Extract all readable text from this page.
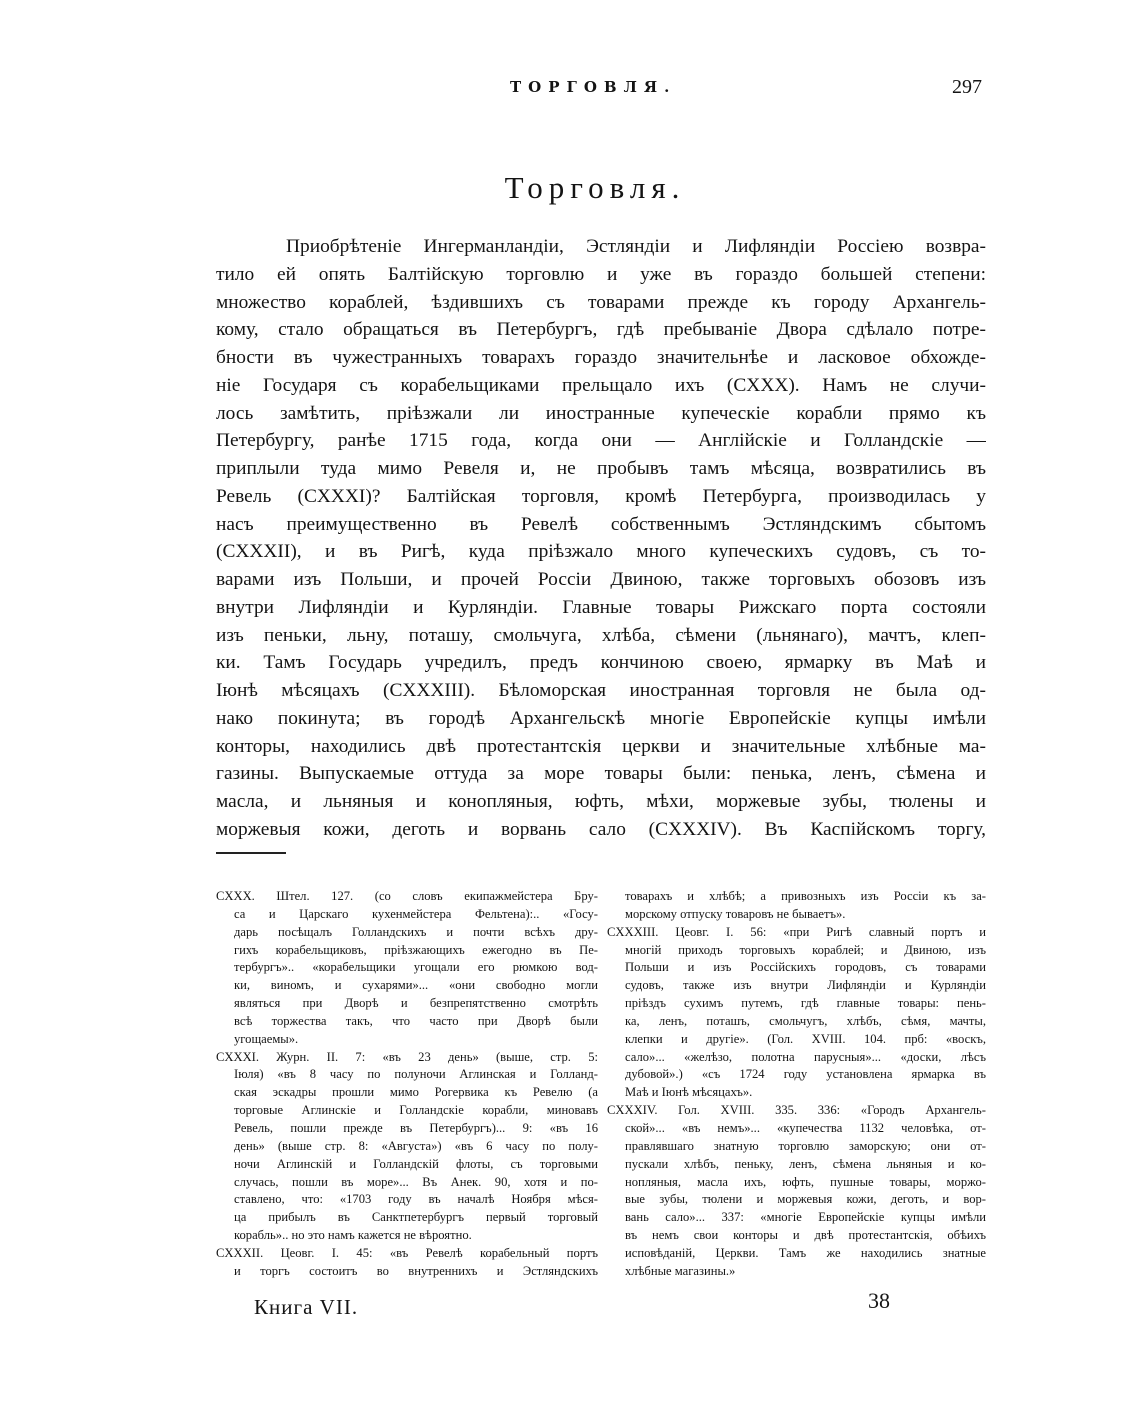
ТОРГОВЛЯ.	297
Торговля.
Приобрѣтеніе Ингерманландіи, Эстляндіи и Лифляндіи Россіею возвра-
тило ей опять Балтійскую торговлю и уже въ гораздо большей степени:
множество кораблей, ѣздившихъ съ товарами прежде къ городу Архангель-
кому, стало обращаться въ Петербургъ, гдѣ пребываніе Двора сдѣлало потре-
бности въ чужестранныхъ товарахъ гораздо значительнѣе и ласковое обхожде-
ніе Государя съ корабельщиками прельщало ихъ (CXXX). Намъ не случи-
лось замѣтить, пріѣзжали ли иностранные купеческіе корабли прямо къ
Петербургу, ранѣе 1715 года, когда они — Англійскіе и Голландскіе —
приплыли туда мимо Ревеля и, не пробывъ тамъ мѣсяца, возвратились въ
Ревель (CXXXI)? Балтійская торговля, кромѣ Петербурга, производилась у
насъ преимущественно въ Ревелѣ собственнымъ Эстляндскимъ сбытомъ
(CXXXII), и въ Ригѣ, куда пріѣзжало много купеческихъ судовъ, съ то-
варами изъ Польши, и прочей Россіи Двиною, также торговыхъ обозовъ изъ
внутри Лифляндіи и Курляндіи. Главные товары Рижскаго порта состояли
изъ пеньки, льну, поташу, смольчуга, хлѣба, сѣмени (льнянаго), мачтъ, клеп-
ки. Тамъ Государь учредилъ, предъ кончиною своею, ярмарку въ Маѣ и
Іюнѣ мѣсяцахъ (CXXXIII). Бѣломорская иностранная торговля не была од-
нако покинута; въ городѣ Архангельскѣ многіе Европейскіе купцы имѣли
конторы, находились двѣ протестантскія церкви и значительные хлѣбные ма-
газины. Выпускаемые оттуда за море товары были: пенька, ленъ, сѣмена и
масла, и льняныя и конопляныя, юфть, мѣхи, моржевые зубы, тюлены и
моржевыя кожи, деготь и ворвань сало (CXXXIV). Въ Каспійскомъ торгу,
CXXX. Штел. 127. (со словъ екипажмейстера Бру-
са и Царскаго кухенмейстера Фельтена):.. «Госу-
дарь посѣщалъ Голландскихъ и почти всѣхъ дру-
гихъ корабельщиковъ, пріѣзжающихъ ежегодно въ Пе-
тербургъ».. «корабельщики угощали его рюмкою вод-
ки, виномъ, и сухарями»... «они свободно могли
являться при Дворѣ и безпрепятственно смотрѣть
всѣ торжества такъ, что часто при Дворѣ были
угощаемы».
CXXXI. Журн. II. 7: «въ 23 день» (выше, стр. 5:
Іюля) «въ 8 часу по полуночи Аглинская и Голланд-
ская эскадры прошли мимо Рогервика къ Ревелю (а
торговые Аглинскіе и Голландскіе корабли, миновавъ
Ревель, пошли прежде въ Петербургъ)... 9: «въ 16
день» (выше стр. 8: «Августа») «въ 6 часу по полу-
ночи Аглинскій и Голландскій флоты, съ торговыми
случась, пошли въ море»... Въ Анек. 90, хотя и по-
ставлено, что: «1703 году въ началѣ Ноября мѣся-
ца прибылъ въ Санктпетербургъ первый торговый
корабль».. но это намъ кажется не вѣроятно.
CXXXII. Цеовг. I. 45: «въ Ревелѣ корабельный портъ
и торгъ состоитъ во внутреннихъ и Эстляндскихъ
товарахъ и хлѣбѣ; а привозныхъ изъ Россіи къ за-
морскому отпуску товаровъ не бываетъ».
CXXXIII. Цеовг. I. 56: «при Ригѣ славный портъ и
многій приходъ торговыхъ кораблей; и Двиною, изъ
Польши и изъ Россійскихъ городовъ, съ товарами
судовъ, также изъ внутри Лифляндіи и Курляндіи
пріѣздъ сухимъ путемъ, гдѣ главные товары: пень-
ка, ленъ, поташъ, смольчугъ, хлѣбъ, сѣмя, мачты,
клепки и другіе». (Гол. XVIII. 104. прб: «воскъ,
сало»... «желѣзо, полотна парусныя»... «доски, лѣсъ
дубовой».) «съ 1724 году установлена ярмарка въ
Маѣ и Іюнѣ мѣсяцахъ».
CXXXIV. Гол. XVIII. 335. 336: «Городъ Архангель-
ской»... «въ немъ»... «купечества 1132 человѣка, от-
правлявшаго знатную торговлю заморскую; они от-
пускали хлѣбъ, пеньку, ленъ, сѣмена льняныя и ко-
нопляныя, масла ихъ, юфть, пушные товары, моржо-
вые зубы, тюлени и моржевыя кожи, деготь, и вор-
вань сало»... 337: «многіе Европейскіе купцы имѣли
въ немъ свои конторы и двѣ протестантскія, обѣихъ
исповѣданій, Церкви. Тамъ же находились знатные
хлѣбные магазины.»
Книга VII.	38
